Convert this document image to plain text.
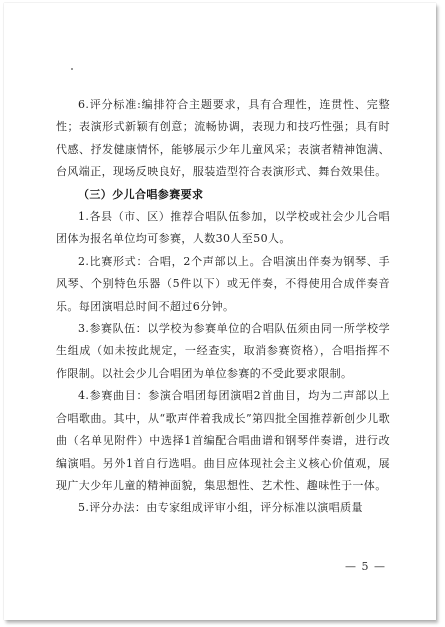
6.评分标准:编排符合主题要求，具有合理性，连贯性、完整性；表演形式新颖有创意；流畅协调，表现力和技巧性强；具有时代感、抒发健康情怀，能够展示少年儿童风采；表演者精神饱满、台风端正，现场反映良好，服装造型符合表演形式、舞台效果佳。

（三）少儿合唱参赛要求

1.各县（市、区）推荐合唱队伍参加，以学校或社会少儿合唱团体为报名单位均可参赛，人数30人至50人。

2.比赛形式：合唱，2个声部以上。合唱演出伴奏为钢琴、手风琴、个别特色乐器（5件以下）或无伴奏，不得使用合成伴奏音乐。每团演唱总时间不超过6分钟。

3.参赛队伍：以学校为参赛单位的合唱队伍须由同一所学校学生组成（如未按此规定，一经查实，取消参赛资格），合唱指挥不作限制。以社会少儿合唱团为单位参赛的不受此要求限制。

4.参赛曲目：参演合唱团每团演唱2首曲目，均为二声部以上合唱歌曲。其中，从“歌声伴着我成长”第四批全国推荐新创少儿歌曲（名单见附件）中选择1首编配合唱曲谱和钢琴伴奏谱，进行改编演唱。另外1首自行选唱。曲目应体现社会主义核心价值观，展现广大少年儿童的精神面貌，集思想性、艺术性、趣味性于一体。

5.评分办法：由专家组成评审小组，评分标准以演唱质量

— 5 —
